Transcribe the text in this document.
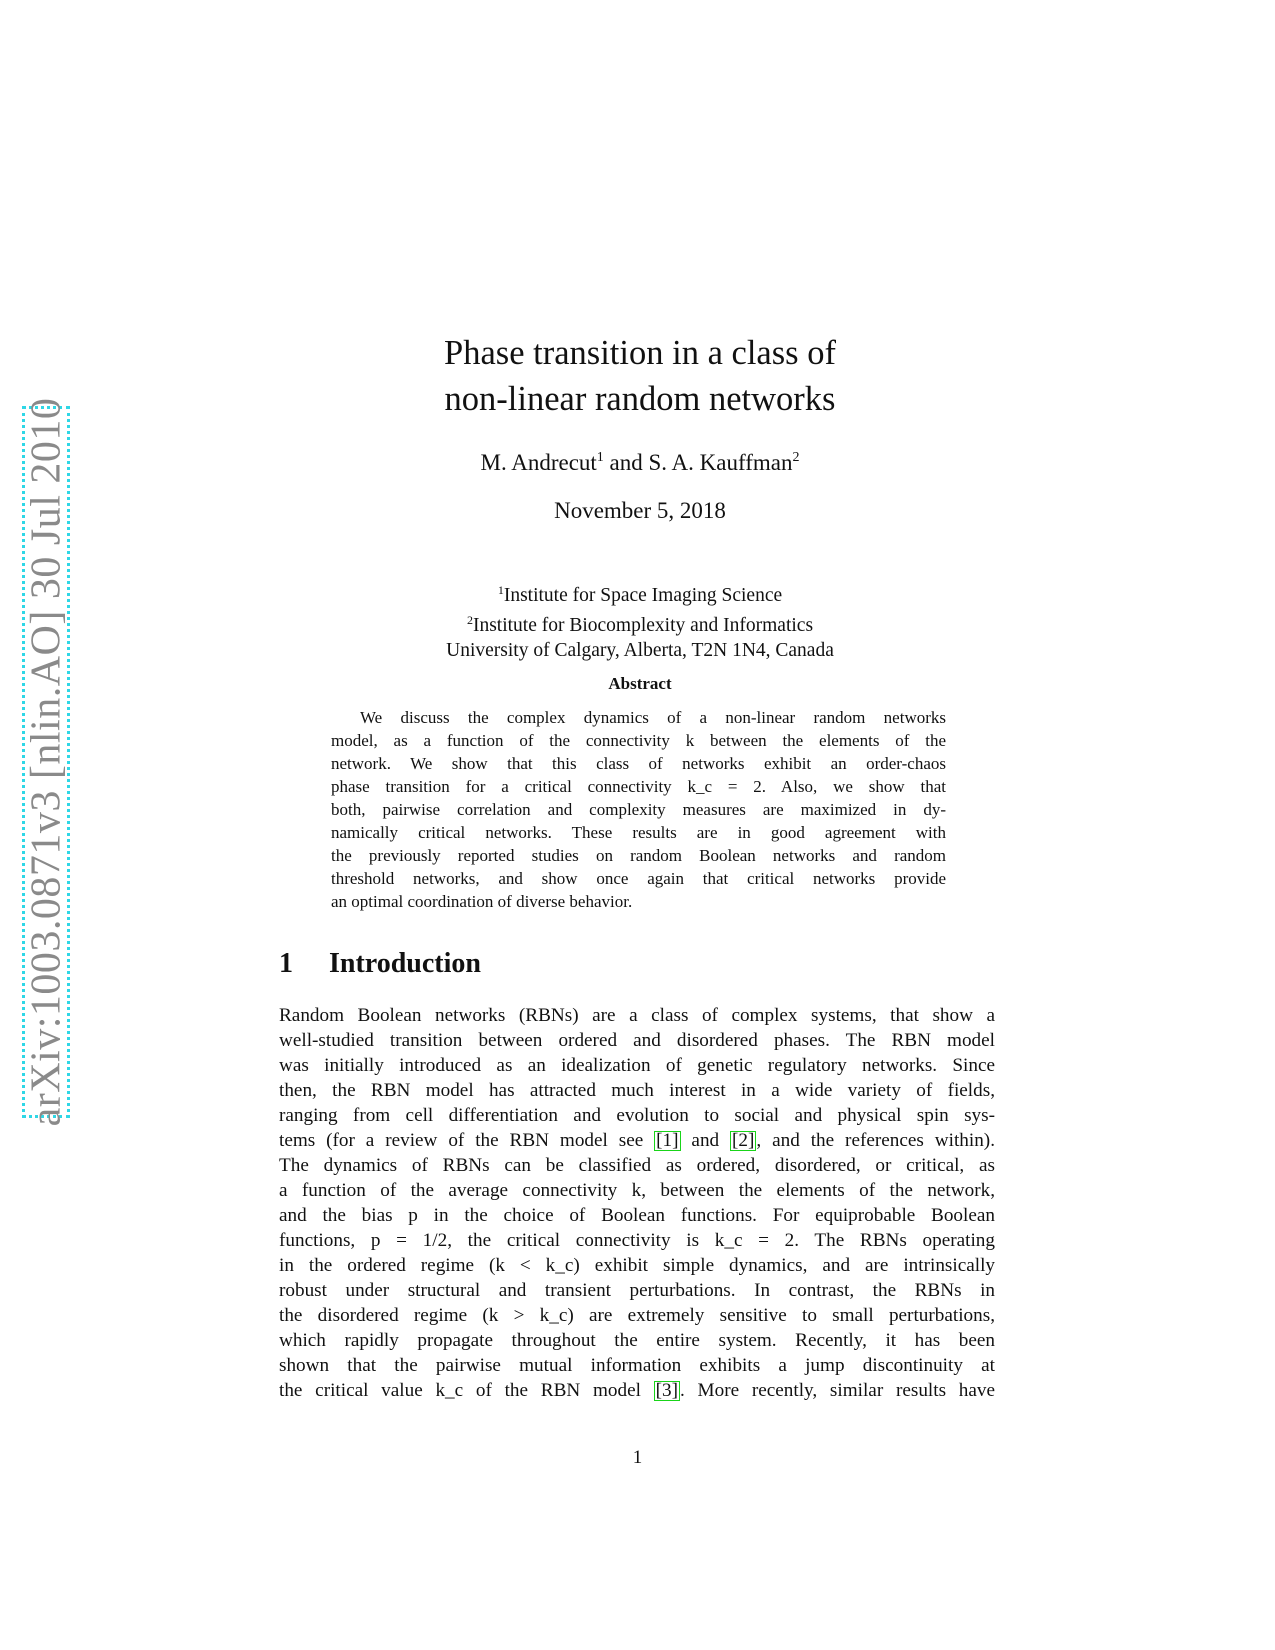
arXiv:1003.0871v3 [nlin.AO] 30 Jul 2010
Phase transition in a class of
non-linear random networks
M. Andrecut$^1$ and S. A. Kauffman$^2$
November 5, 2018
$^1$Institute for Space Imaging Science
$^2$Institute for Biocomplexity and Informatics
University of Calgary, Alberta, T2N 1N4, Canada
Abstract
We discuss the complex dynamics of a non-linear random networks
model, as a function of the connectivity k between the elements of the
network. We show that this class of networks exhibit an order-chaos
phase transition for a critical connectivity k_c = 2. Also, we show that
both, pairwise correlation and complexity measures are maximized in dy-
namically critical networks. These results are in good agreement with
the previously reported studies on random Boolean networks and random
threshold networks, and show once again that critical networks provide
an optimal coordination of diverse behavior.
1 Introduction
Random Boolean networks (RBNs) are a class of complex systems, that show a
well-studied transition between ordered and disordered phases. The RBN model
was initially introduced as an idealization of genetic regulatory networks. Since
then, the RBN model has attracted much interest in a wide variety of fields,
ranging from cell differentiation and evolution to social and physical spin sys-
tems (for a review of the RBN model see [1] and [2] , and the references within).
The dynamics of RBNs can be classified as ordered, disordered, or critical, as
a function of the average connectivity k, between the elements of the network,
and the bias p in the choice of Boolean functions. For equiprobable Boolean
functions, p = 1/2, the critical connectivity is k_c = 2. The RBNs operating
in the ordered regime (k < k_c) exhibit simple dynamics, and are intrinsically
robust under structural and transient perturbations. In contrast, the RBNs in
the disordered regime (k > k_c) are extremely sensitive to small perturbations,
which rapidly propagate throughout the entire system. Recently, it has been
shown that the pairwise mutual information exhibits a jump discontinuity at
the critical value k_c of the RBN model [3] . More recently, similar results have
1
